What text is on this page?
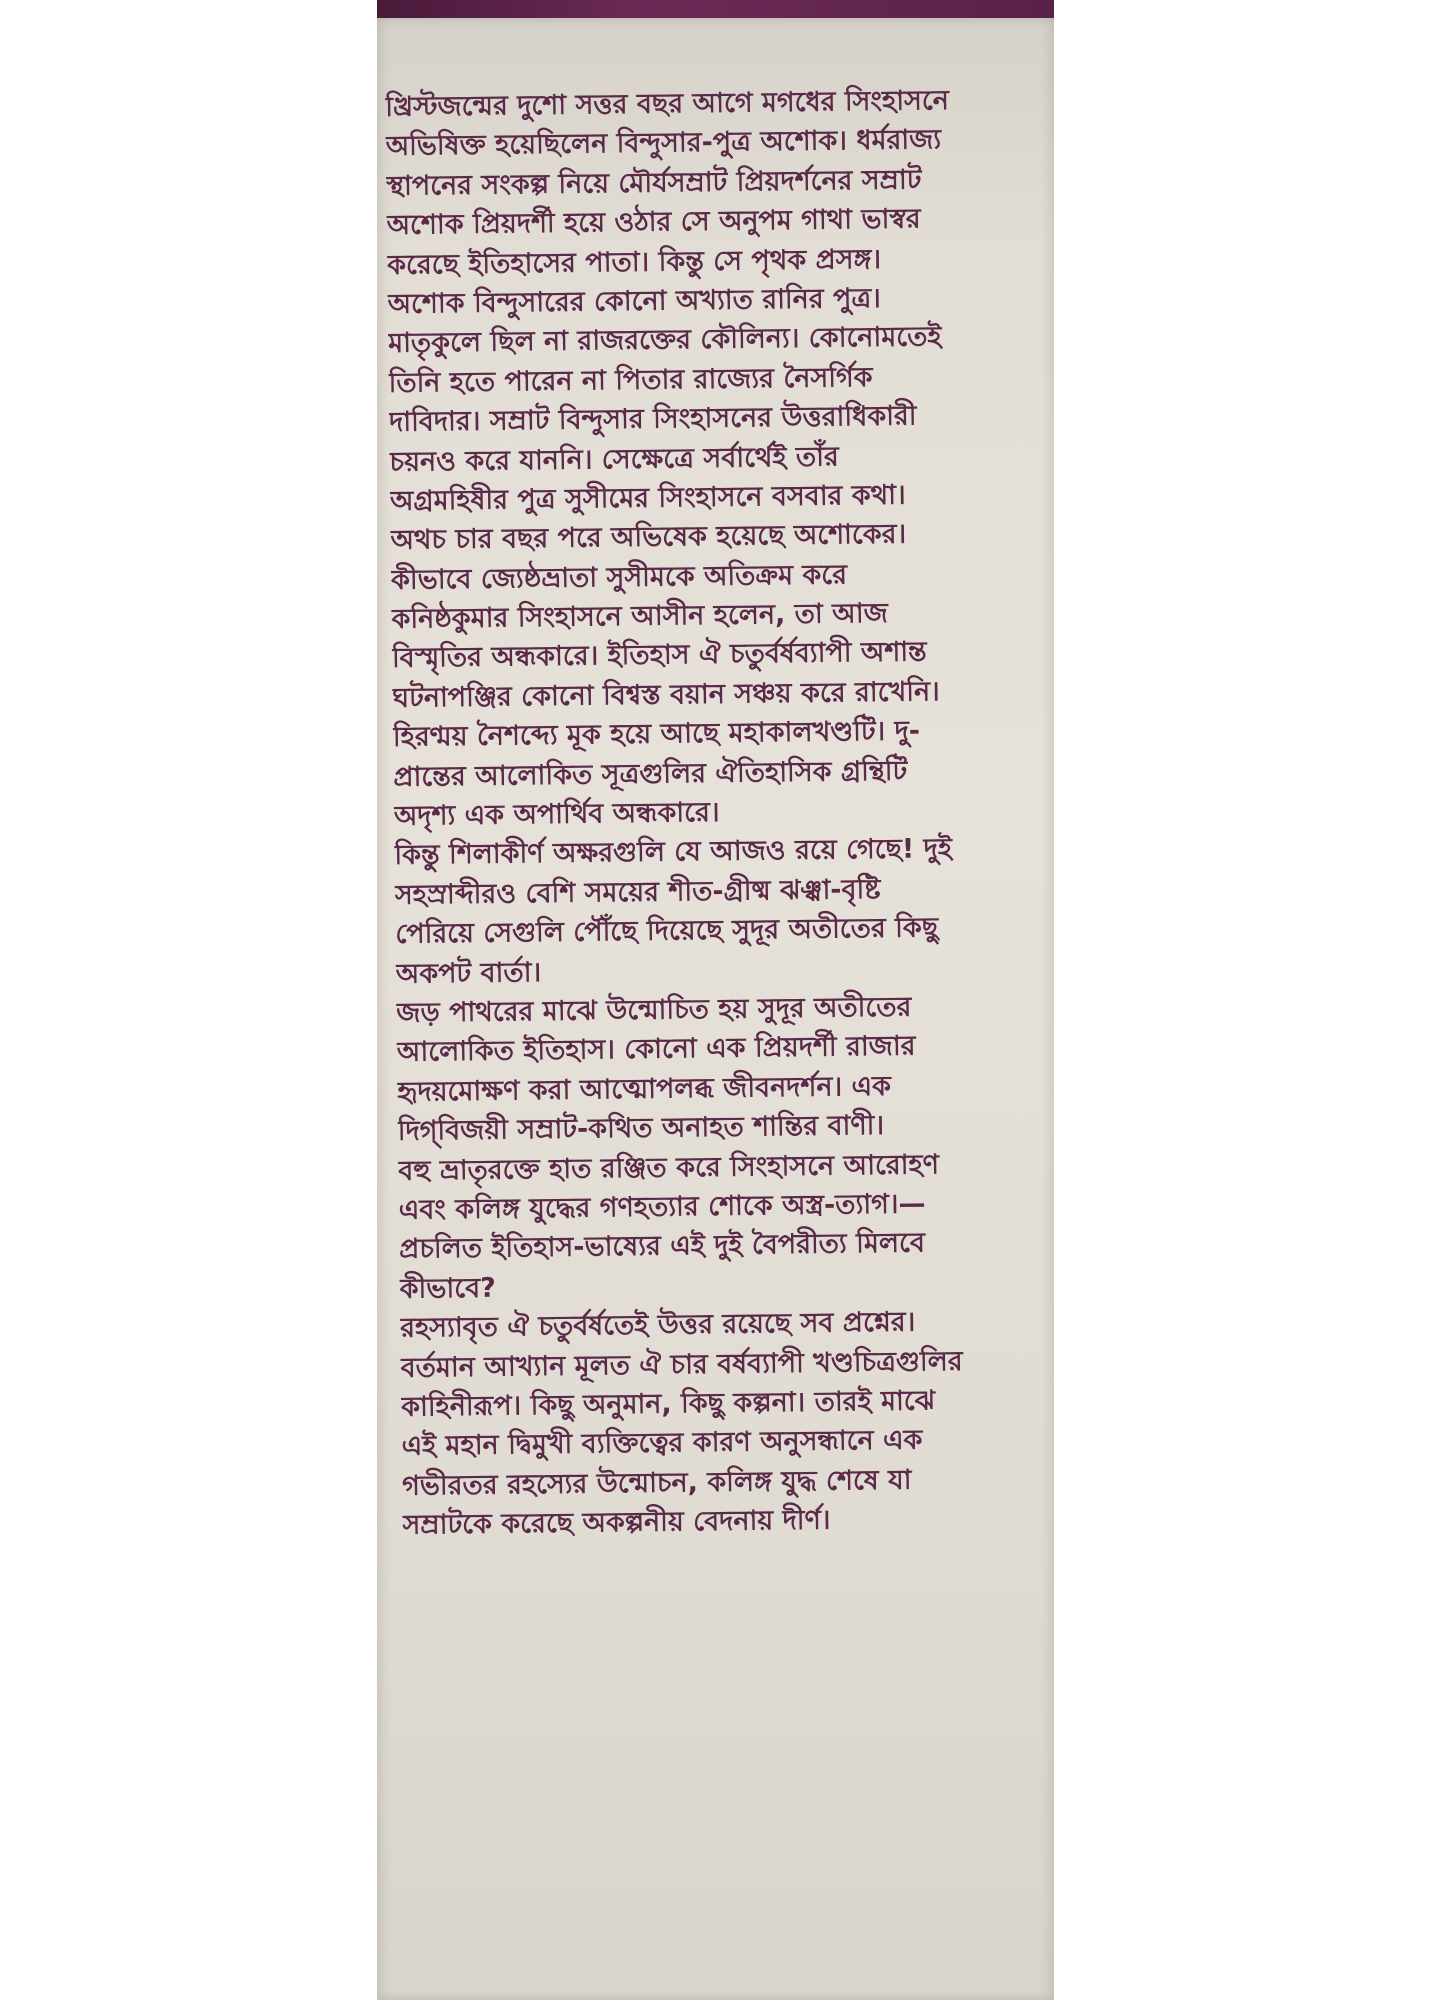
খ্রিস্টজন্মের দুশো সত্তর বছর আগে মগধের সিংহাসনে
অভিষিক্ত হয়েছিলেন বিন্দুসার-পুত্র অশোক। ধর্মরাজ্য
স্থাপনের সংকল্প নিয়ে মৌর্যসম্রাট প্রিয়দর্শনের সম্রাট
অশোক প্রিয়দর্শী হয়ে ওঠার সে অনুপম গাথা ভাস্বর
করেছে ইতিহাসের পাতা। কিন্তু সে পৃথক প্রসঙ্গ।
অশোক বিন্দুসারের কোনো অখ্যাত রানির পুত্র।
মাতৃকুলে ছিল না রাজরক্তের কৌলিন্য। কোনোমতেই
তিনি হতে পারেন না পিতার রাজ্যের নৈসর্গিক
দাবিদার। সম্রাট বিন্দুসার সিংহাসনের উত্তরাধিকারী
চয়নও করে যাননি। সেক্ষেত্রে সর্বার্থেই তাঁর
অগ্রমহিষীর পুত্র সুসীমের সিংহাসনে বসবার কথা।
অথচ চার বছর পরে অভিষেক হয়েছে অশোকের।
কীভাবে জ্যেষ্ঠভ্রাতা সুসীমকে অতিক্রম করে
কনিষ্ঠকুমার সিংহাসনে আসীন হলেন, তা আজ
বিস্মৃতির অন্ধকারে। ইতিহাস ঐ চতুর্বর্ষব্যাপী অশান্ত
ঘটনাপঞ্জির কোনো বিশ্বস্ত বয়ান সঞ্চয় করে রাখেনি।
হিরণ্ময় নৈশব্দ্যে মূক হয়ে আছে মহাকালখণ্ডটি। দু-
প্রান্তের আলোকিত সূত্রগুলির ঐতিহাসিক গ্রন্থিটি
অদৃশ্য এক অপার্থিব অন্ধকারে।
কিন্তু শিলাকীর্ণ অক্ষরগুলি যে আজও রয়ে গেছে! দুই
সহস্রাব্দীরও বেশি সময়ের শীত-গ্রীষ্ম ঝঞ্ঝা-বৃষ্টি
পেরিয়ে সেগুলি পৌঁছে দিয়েছে সুদূর অতীতের কিছু
অকপট বার্তা।
জড় পাথরের মাঝে উন্মোচিত হয় সুদূর অতীতের
আলোকিত ইতিহাস। কোনো এক প্রিয়দর্শী রাজার
হৃদয়মোক্ষণ করা আত্মোপলব্ধ জীবনদর্শন। এক
দিগ্‌বিজয়ী সম্রাট-কথিত অনাহত শান্তির বাণী।
বহু ভ্রাতৃরক্তে হাত রঞ্জিত করে সিংহাসনে আরোহণ
এবং কলিঙ্গ যুদ্ধের গণহত্যার শোকে অস্ত্র-ত্যাগ।—
প্রচলিত ইতিহাস-ভাষ্যের এই দুই বৈপরীত্য মিলবে
কীভাবে?
রহস্যাবৃত ঐ চতুর্বর্ষতেই উত্তর রয়েছে সব প্রশ্নের।
বর্তমান আখ্যান মূলত ঐ চার বর্ষব্যাপী খণ্ডচিত্রগুলির
কাহিনীরূপ। কিছু অনুমান, কিছু কল্পনা। তারই মাঝে
এই মহান দ্বিমুখী ব্যক্তিত্বের কারণ অনুসন্ধানে এক
গভীরতর রহস্যের উন্মোচন, কলিঙ্গ যুদ্ধ শেষে যা
সম্রাটকে করেছে অকল্পনীয় বেদনায় দীর্ণ।
